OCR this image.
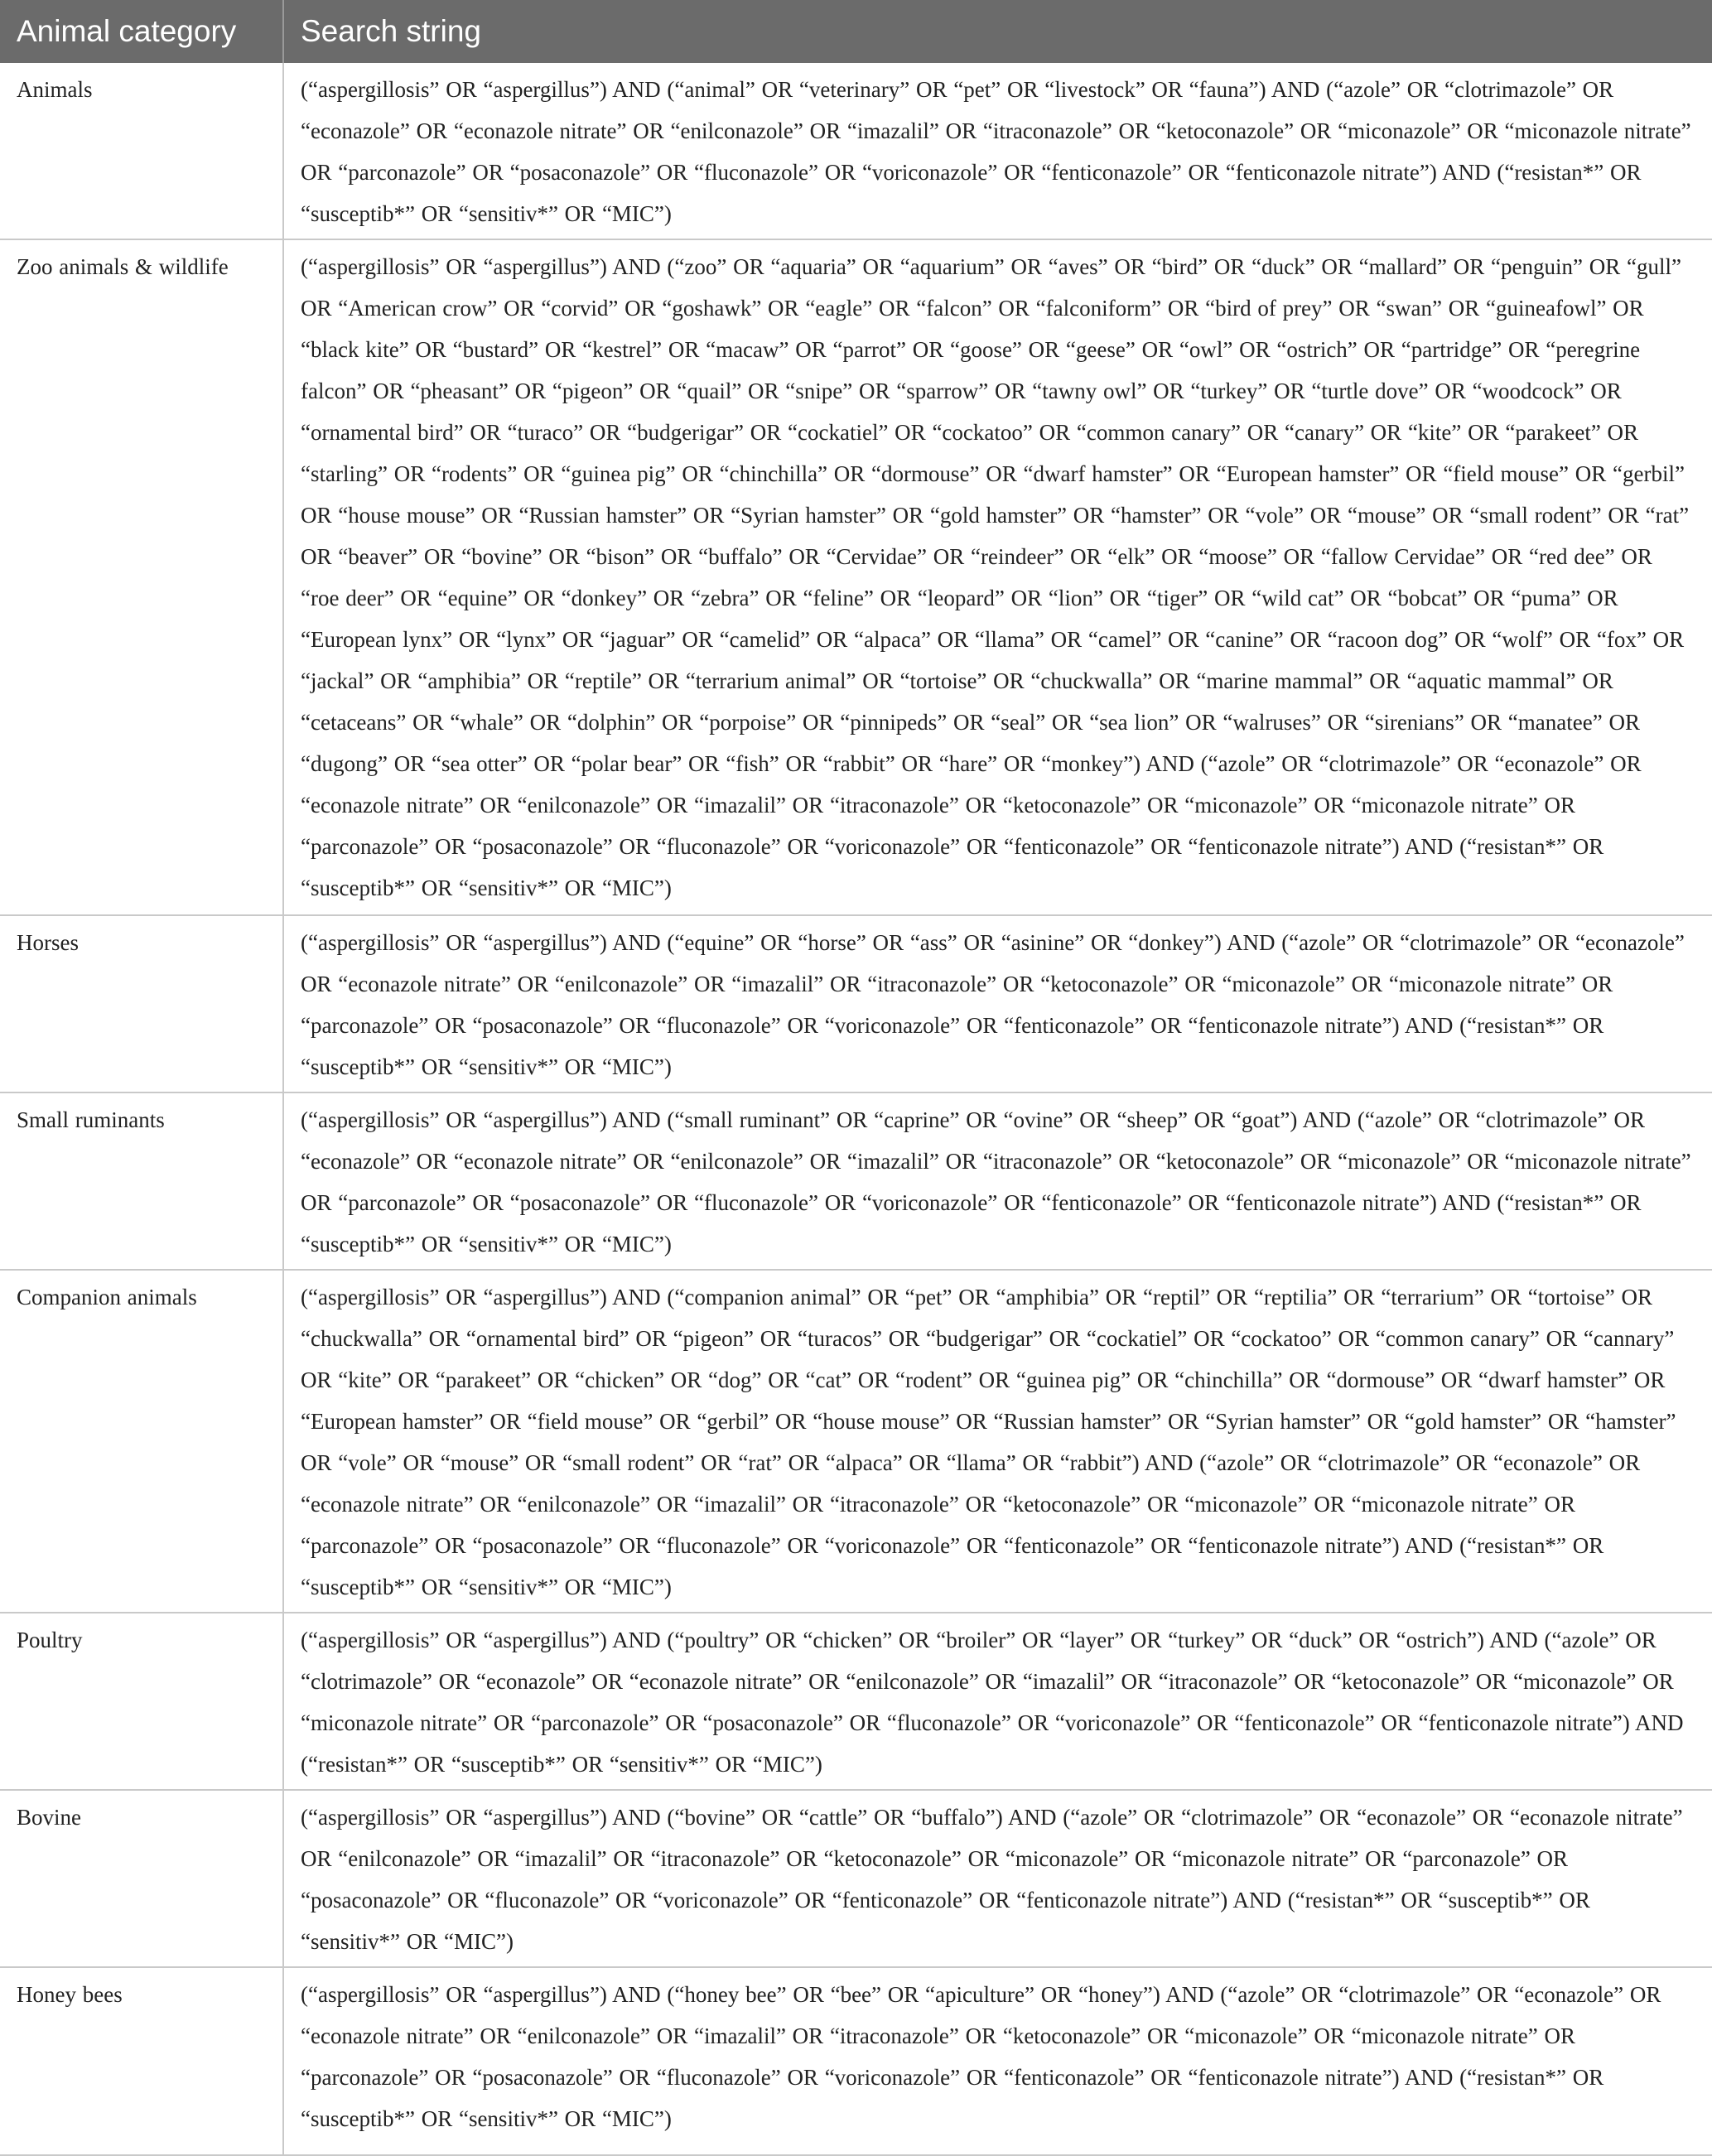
Animal category	Search string
Animals	(“aspergillosis” OR “aspergillus”) AND (“animal” OR “veterinary” OR “pet” OR “livestock” OR “fauna”) AND (“azole” OR “clotrimazole” OR “econazole” OR “econazole nitrate” OR “enilconazole” OR “imazalil” OR “itraconazole” OR “ketoconazole” OR “miconazole” OR “miconazole nitrate” OR “parconazole” OR “posaconazole” OR “fluconazole” OR “voriconazole” OR “fenticonazole” OR “fenticonazole nitrate”) AND (“resistan*” OR “susceptib*” OR “sensitiv*” OR “MIC”)
Zoo animals & wildlife	(“aspergillosis” OR “aspergillus”) AND (“zoo” OR “aquaria” OR “aquarium” OR “aves” OR “bird” OR “duck” OR “mallard” OR “penguin” OR “gull” OR “American crow” OR “corvid” OR “goshawk” OR “eagle” OR “falcon” OR “falconiform” OR “bird of prey” OR “swan” OR “guineafowl” OR “black kite” OR “bustard” OR “kestrel” OR “macaw” OR “parrot” OR “goose” OR “geese” OR “owl” OR “ostrich” OR “partridge” OR “peregrine falcon” OR “pheasant” OR “pigeon” OR “quail” OR “snipe” OR “sparrow” OR “tawny owl” OR “turkey” OR “turtle dove” OR “woodcock” OR “ornamental bird” OR “turaco” OR “budgerigar” OR “cockatiel” OR “cockatoo” OR “common canary” OR “canary” OR “kite” OR “parakeet” OR “starling” OR “rodents” OR “guinea pig” OR “chinchilla” OR “dormouse” OR “dwarf hamster” OR “European hamster” OR “field mouse” OR “gerbil” OR “house mouse” OR “Russian hamster” OR “Syrian hamster” OR “gold hamster” OR “hamster” OR “vole” OR “mouse” OR “small rodent” OR “rat” OR “beaver” OR “bovine” OR “bison” OR “buffalo” OR “Cervidae” OR “reindeer” OR “elk” OR “moose” OR “fallow Cervidae” OR “red dee” OR “roe deer” OR “equine” OR “donkey” OR “zebra” OR “feline” OR “leopard” OR “lion” OR “tiger” OR “wild cat” OR “bobcat” OR “puma” OR “European lynx” OR “lynx” OR “jaguar” OR “camelid” OR “alpaca” OR “llama” OR “camel” OR “canine” OR “racoon dog” OR “wolf” OR “fox” OR “jackal” OR “amphibia” OR “reptile” OR “terrarium animal” OR “tortoise” OR “chuckwalla” OR “marine mammal” OR “aquatic mammal” OR “cetaceans” OR “whale” OR “dolphin” OR “porpoise” OR “pinnipeds” OR “seal” OR “sea lion” OR “walruses” OR “sirenians” OR “manatee” OR “dugong” OR “sea otter” OR “polar bear” OR “fish” OR “rabbit” OR “hare” OR “monkey”) AND (“azole” OR “clotrimazole” OR “econazole” OR “econazole nitrate” OR “enilconazole” OR “imazalil” OR “itraconazole” OR “ketoconazole” OR “miconazole” OR “miconazole nitrate” OR “parconazole” OR “posaconazole” OR “fluconazole” OR “voriconazole” OR “fenticonazole” OR “fenticonazole nitrate”) AND (“resistan*” OR “susceptib*” OR “sensitiv*” OR “MIC”)
Horses	(“aspergillosis” OR “aspergillus”) AND (“equine” OR “horse” OR “ass” OR “asinine” OR “donkey”) AND (“azole” OR “clotrimazole” OR “econazole” OR “econazole nitrate” OR “enilconazole” OR “imazalil” OR “itraconazole” OR “ketoconazole” OR “miconazole” OR “miconazole nitrate” OR “parconazole” OR “posaconazole” OR “fluconazole” OR “voriconazole” OR “fenticonazole” OR “fenticonazole nitrate”) AND (“resistan*” OR “susceptib*” OR “sensitiv*” OR “MIC”)
Small ruminants	(“aspergillosis” OR “aspergillus”) AND (“small ruminant” OR “caprine” OR “ovine” OR “sheep” OR “goat”) AND (“azole” OR “clotrimazole” OR “econazole” OR “econazole nitrate” OR “enilconazole” OR “imazalil” OR “itraconazole” OR “ketoconazole” OR “miconazole” OR “miconazole nitrate” OR “parconazole” OR “posaconazole” OR “fluconazole” OR “voriconazole” OR “fenticonazole” OR “fenticonazole nitrate”) AND (“resistan*” OR “susceptib*” OR “sensitiv*” OR “MIC”)
Companion animals	(“aspergillosis” OR “aspergillus”) AND (“companion animal” OR “pet” OR “amphibia” OR “reptil” OR “reptilia” OR “terrarium” OR “tortoise” OR “chuckwalla” OR “ornamental bird” OR “pigeon” OR “turacos” OR “budgerigar” OR “cockatiel” OR “cockatoo” OR “common canary” OR “cannary” OR “kite” OR “parakeet” OR “chicken” OR “dog” OR “cat” OR “rodent” OR “guinea pig” OR “chinchilla” OR “dormouse” OR “dwarf hamster” OR “European hamster” OR “field mouse” OR “gerbil” OR “house mouse” OR “Russian hamster” OR “Syrian hamster” OR “gold hamster” OR “hamster” OR “vole” OR “mouse” OR “small rodent” OR “rat” OR “alpaca” OR “llama” OR “rabbit”) AND (“azole” OR “clotrimazole” OR “econazole” OR “econazole nitrate” OR “enilconazole” OR “imazalil” OR “itraconazole” OR “ketoconazole” OR “miconazole” OR “miconazole nitrate” OR “parconazole” OR “posaconazole” OR “fluconazole” OR “voriconazole” OR “fenticonazole” OR “fenticonazole nitrate”) AND (“resistan*” OR “susceptib*” OR “sensitiv*” OR “MIC”)
Poultry	(“aspergillosis” OR “aspergillus”) AND (“poultry” OR “chicken” OR “broiler” OR “layer” OR “turkey” OR “duck” OR “ostrich”) AND (“azole” OR “clotrimazole” OR “econazole” OR “econazole nitrate” OR “enilconazole” OR “imazalil” OR “itraconazole” OR “ketoconazole” OR “miconazole” OR “miconazole nitrate” OR “parconazole” OR “posaconazole” OR “fluconazole” OR “voriconazole” OR “fenticonazole” OR “fenticonazole nitrate”) AND (“resistan*” OR “susceptib*” OR “sensitiv*” OR “MIC”)
Bovine	(“aspergillosis” OR “aspergillus”) AND (“bovine” OR “cattle” OR “buffalo”) AND (“azole” OR “clotrimazole” OR “econazole” OR “econazole nitrate” OR “enilconazole” OR “imazalil” OR “itraconazole” OR “ketoconazole” OR “miconazole” OR “miconazole nitrate” OR “parconazole” OR “posaconazole” OR “fluconazole” OR “voriconazole” OR “fenticonazole” OR “fenticonazole nitrate”) AND (“resistan*” OR “susceptib*” OR “sensitiv*” OR “MIC”)
Honey bees	(“aspergillosis” OR “aspergillus”) AND (“honey bee” OR “bee” OR “apiculture” OR “honey”) AND (“azole” OR “clotrimazole” OR “econazole” OR “econazole nitrate” OR “enilconazole” OR “imazalil” OR “itraconazole” OR “ketoconazole” OR “miconazole” OR “miconazole nitrate” OR “parconazole” OR “posaconazole” OR “fluconazole” OR “voriconazole” OR “fenticonazole” OR “fenticonazole nitrate”) AND (“resistan*” OR “susceptib*” OR “sensitiv*” OR “MIC”)
